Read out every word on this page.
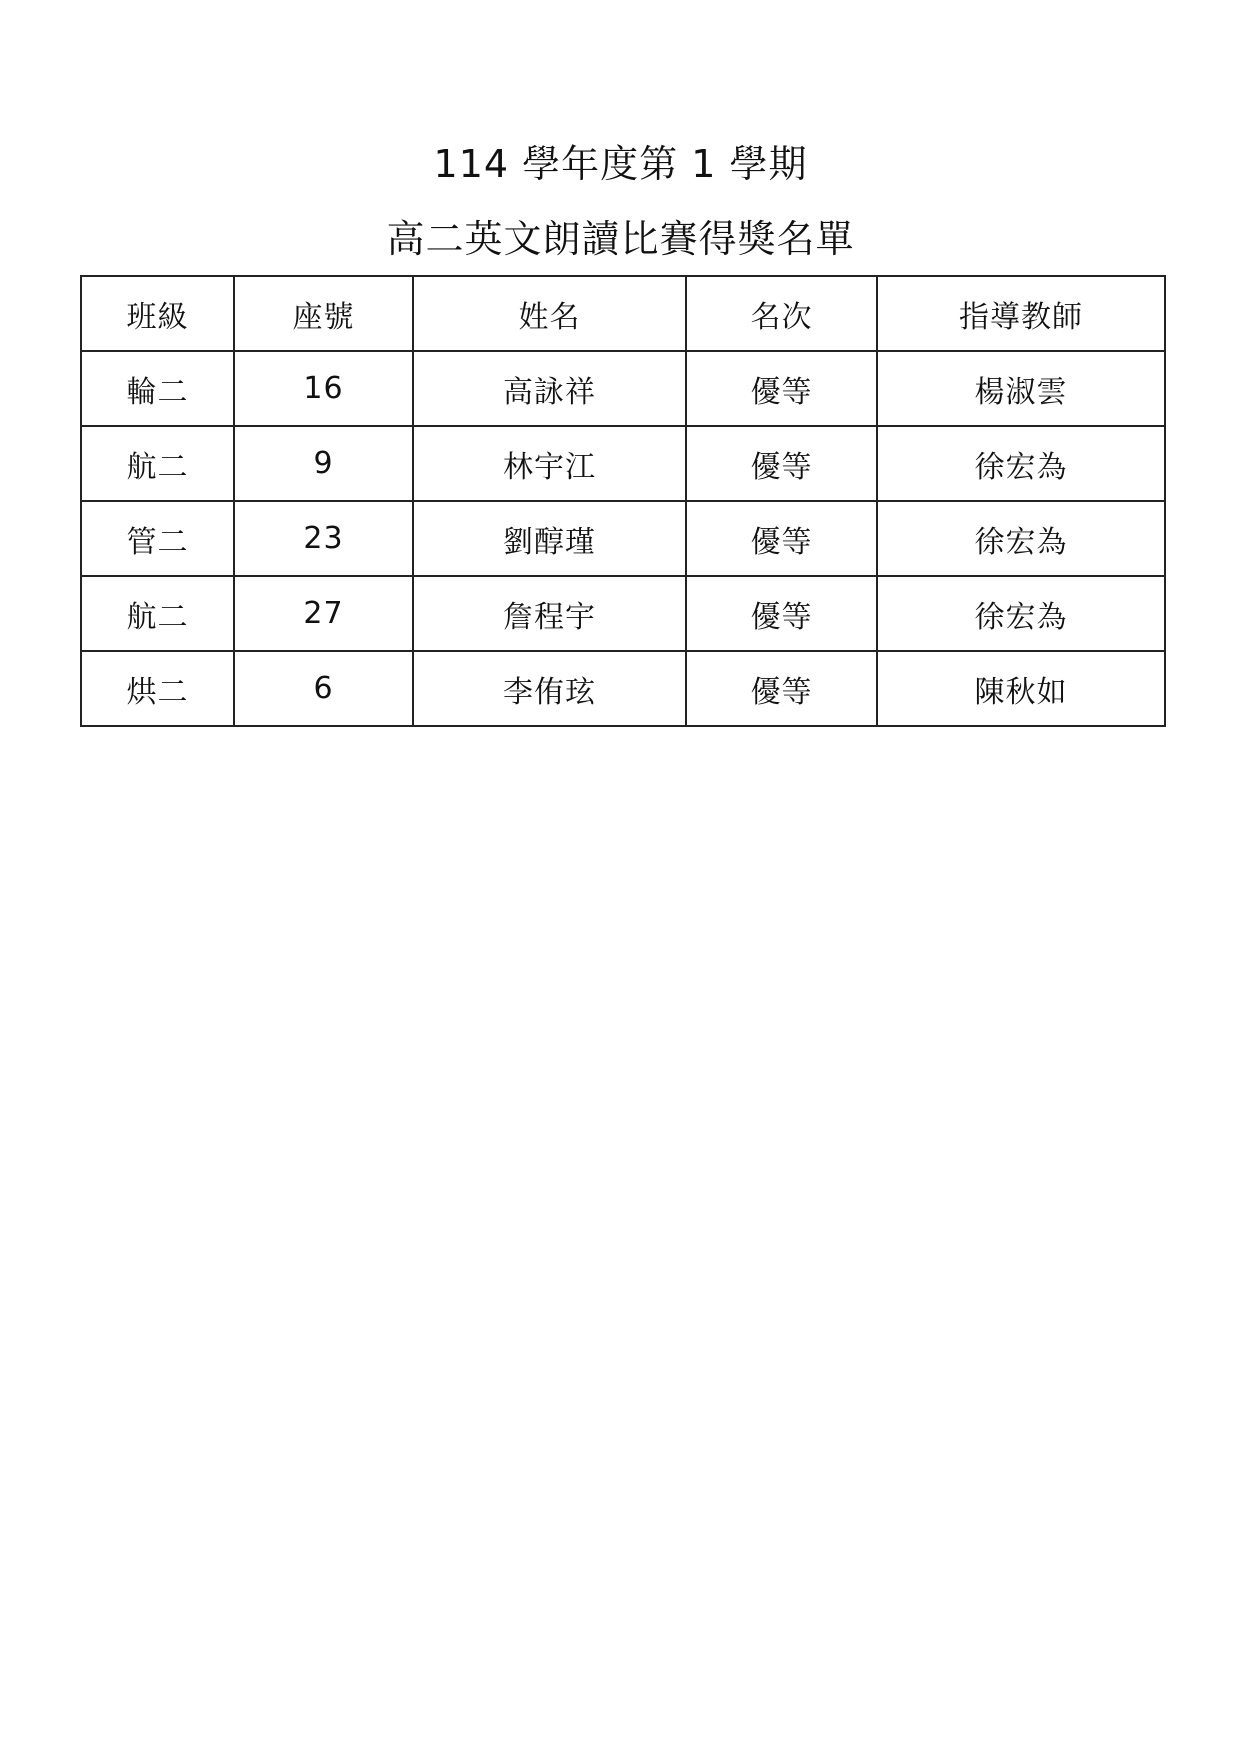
114 學年度第 1 學期
高二英文朗讀比賽得獎名單
班級	座號	姓名	名次	指導教師
輪二	16	高詠祥	優等	楊淑雲
航二	9	林宇江	優等	徐宏為
管二	23	劉醇瑾	優等	徐宏為
航二	27	詹程宇	優等	徐宏為
烘二	6	李侑玹	優等	陳秋如
